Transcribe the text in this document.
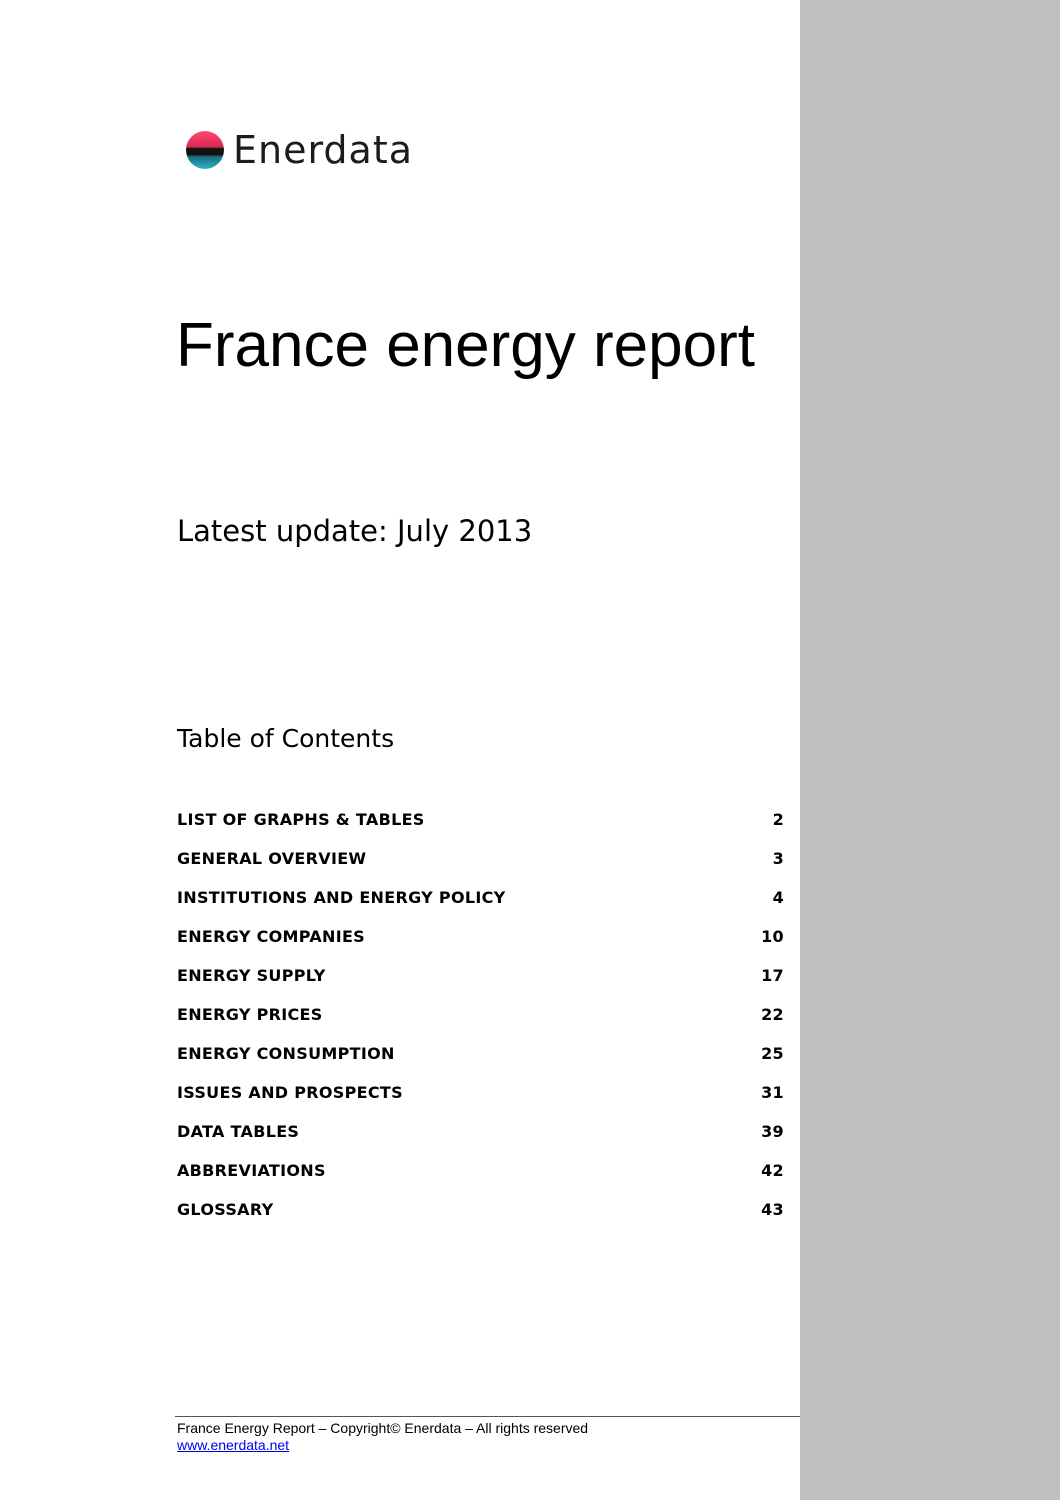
Enerdata
France energy report
Latest update: July 2013
Table of Contents
LIST OF GRAPHS & TABLES	2
GENERAL OVERVIEW	3
INSTITUTIONS AND ENERGY POLICY	4
ENERGY COMPANIES	10
ENERGY SUPPLY	17
ENERGY PRICES	22
ENERGY CONSUMPTION	25
ISSUES AND PROSPECTS	31
DATA TABLES	39
ABBREVIATIONS	42
GLOSSARY	43
France Energy Report – Copyright© Enerdata – All rights reserved
www.enerdata.net
